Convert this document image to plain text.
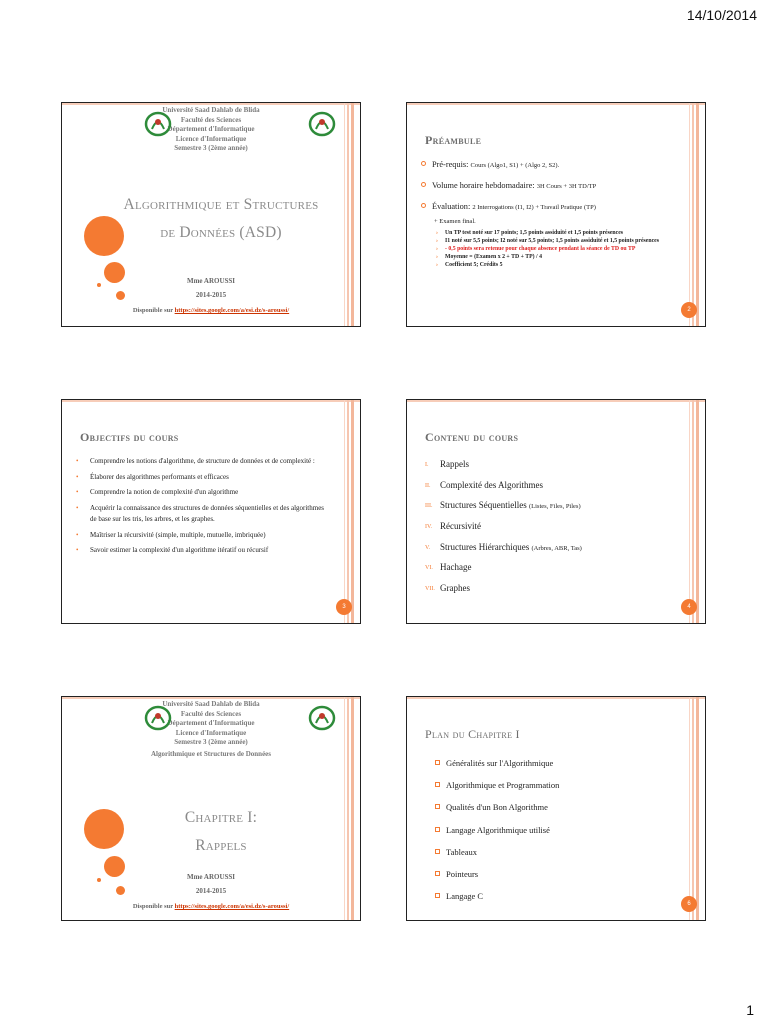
14/10/2014
Université Saad Dahlab de Blida
Faculté des Sciences
Département d'Informatique
Licence d'Informatique
Semestre 3 (2ème année)
Algorithmique et Structures
de Données (ASD)
Mme AROUSSI
2014-2015
Disponible sur https://sites.google.com/a/esi.dz/s-aroussi/
Préambule
Pré-requis: Cours (Algo1, S1) + (Algo 2, S2).
Volume horaire hebdomadaire: 3H Cours + 3H TD/TP
Évaluation: 2 Interrogations (I1, I2) + Travail Pratique (TP)
+ Examen final.
› Un TP test noté sur 17 points; 1,5 points assiduité et 1,5 points présences
› I1 noté sur 5,5 points; I2 noté sur 5,5 points; 1,5 points assiduité et 1,5 points présences
› - 0,5 points sera retenue pour chaque absence pendant la séance de TD ou TP
› Moyenne = (Examen x 2 + TD + TP) / 4
› Coefficient 5; Crédits 5
2
Objectifs du cours
• Comprendre les notions d'algorithme, de structure de données et de complexité :
• Élaborer des algorithmes performants et efficaces
• Comprendre la notion de complexité d'un algorithme
• Acquérir la connaissance des structures de données séquentielles et des algorithmes de base sur les tris, les arbres, et les graphes.
• Maîtriser la récursivité (simple, multiple, mutuelle, imbriquée)
• Savoir estimer la complexité d'un algorithme itératif ou récursif
3
Contenu du cours
I. Rappels
II. Complexité des Algorithmes
III. Structures Séquentielles (Listes, Files, Piles)
IV. Récursivité
V. Structures Hiérarchiques (Arbres, ABR, Tas)
VI. Hachage
VII. Graphes
4
Université Saad Dahlab de Blida
Faculté des Sciences
Département d'Informatique
Licence d'Informatique
Semestre 3 (2ème année)
Algorithmique et Structures de Données
Chapitre I:
Rappels
Mme AROUSSI
2014-2015
Disponible sur https://sites.google.com/a/esi.dz/s-aroussi/
Plan du Chapitre I
Généralités sur l'Algorithmique
Algorithmique et Programmation
Qualités d'un Bon Algorithme
Langage Algorithmique utilisé
Tableaux
Pointeurs
Langage C
6
1
